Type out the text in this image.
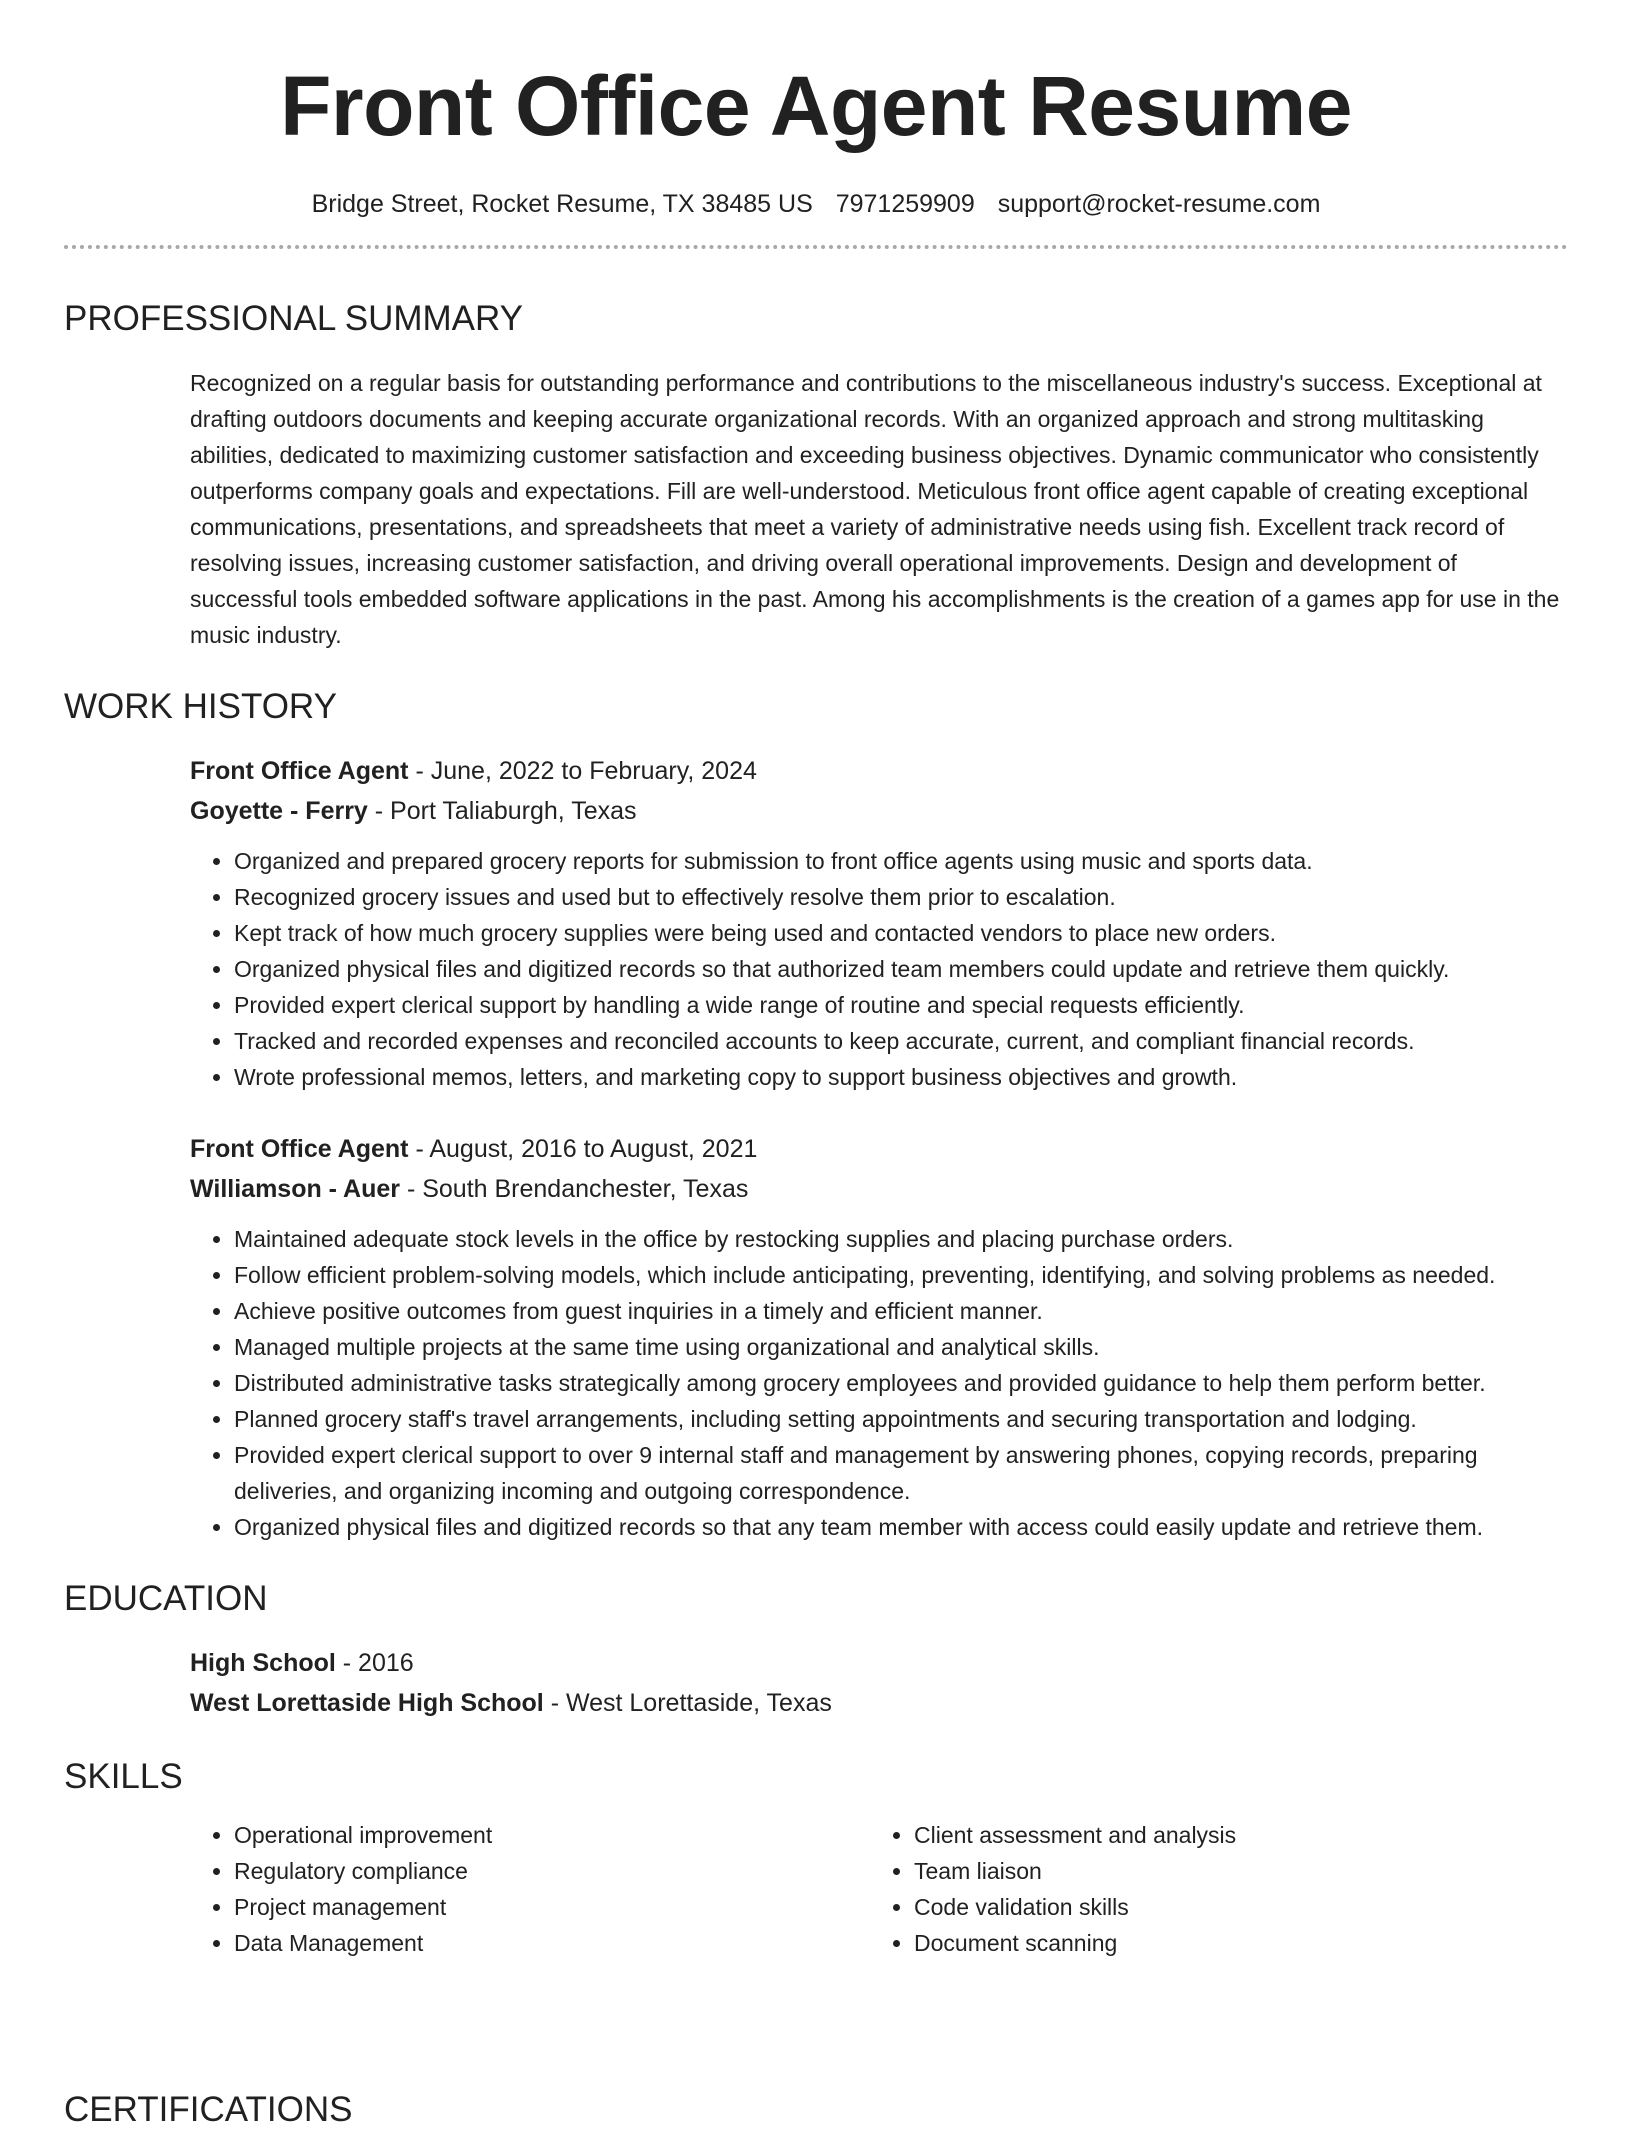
Front Office Agent Resume
Bridge Street, Rocket Resume, TX 38485 US 7971259909 support@rocket-resume.com
PROFESSIONAL SUMMARY
Recognized on a regular basis for outstanding performance and contributions to the miscellaneous industry's success. Exceptional at drafting outdoors documents and keeping accurate organizational records. With an organized approach and strong multitasking abilities, dedicated to maximizing customer satisfaction and exceeding business objectives. Dynamic communicator who consistently outperforms company goals and expectations. Fill are well-understood. Meticulous front office agent capable of creating exceptional communications, presentations, and spreadsheets that meet a variety of administrative needs using fish. Excellent track record of resolving issues, increasing customer satisfaction, and driving overall operational improvements. Design and development of successful tools embedded software applications in the past. Among his accomplishments is the creation of a games app for use in the music industry.
WORK HISTORY
Front Office Agent - June, 2022 to February, 2024
Goyette - Ferry - Port Taliaburgh, Texas
• Organized and prepared grocery reports for submission to front office agents using music and sports data.
• Recognized grocery issues and used but to effectively resolve them prior to escalation.
• Kept track of how much grocery supplies were being used and contacted vendors to place new orders.
• Organized physical files and digitized records so that authorized team members could update and retrieve them quickly.
• Provided expert clerical support by handling a wide range of routine and special requests efficiently.
• Tracked and recorded expenses and reconciled accounts to keep accurate, current, and compliant financial records.
• Wrote professional memos, letters, and marketing copy to support business objectives and growth.
Front Office Agent - August, 2016 to August, 2021
Williamson - Auer - South Brendanchester, Texas
• Maintained adequate stock levels in the office by restocking supplies and placing purchase orders.
• Follow efficient problem-solving models, which include anticipating, preventing, identifying, and solving problems as needed.
• Achieve positive outcomes from guest inquiries in a timely and efficient manner.
• Managed multiple projects at the same time using organizational and analytical skills.
• Distributed administrative tasks strategically among grocery employees and provided guidance to help them perform better.
• Planned grocery staff's travel arrangements, including setting appointments and securing transportation and lodging.
• Provided expert clerical support to over 9 internal staff and management by answering phones, copying records, preparing deliveries, and organizing incoming and outgoing correspondence.
• Organized physical files and digitized records so that any team member with access could easily update and retrieve them.
EDUCATION
High School - 2016
West Lorettaside High School - West Lorettaside, Texas
SKILLS
• Operational improvement
• Regulatory compliance
• Project management
• Data Management
• Client assessment and analysis
• Team liaison
• Code validation skills
• Document scanning
CERTIFICATIONS
